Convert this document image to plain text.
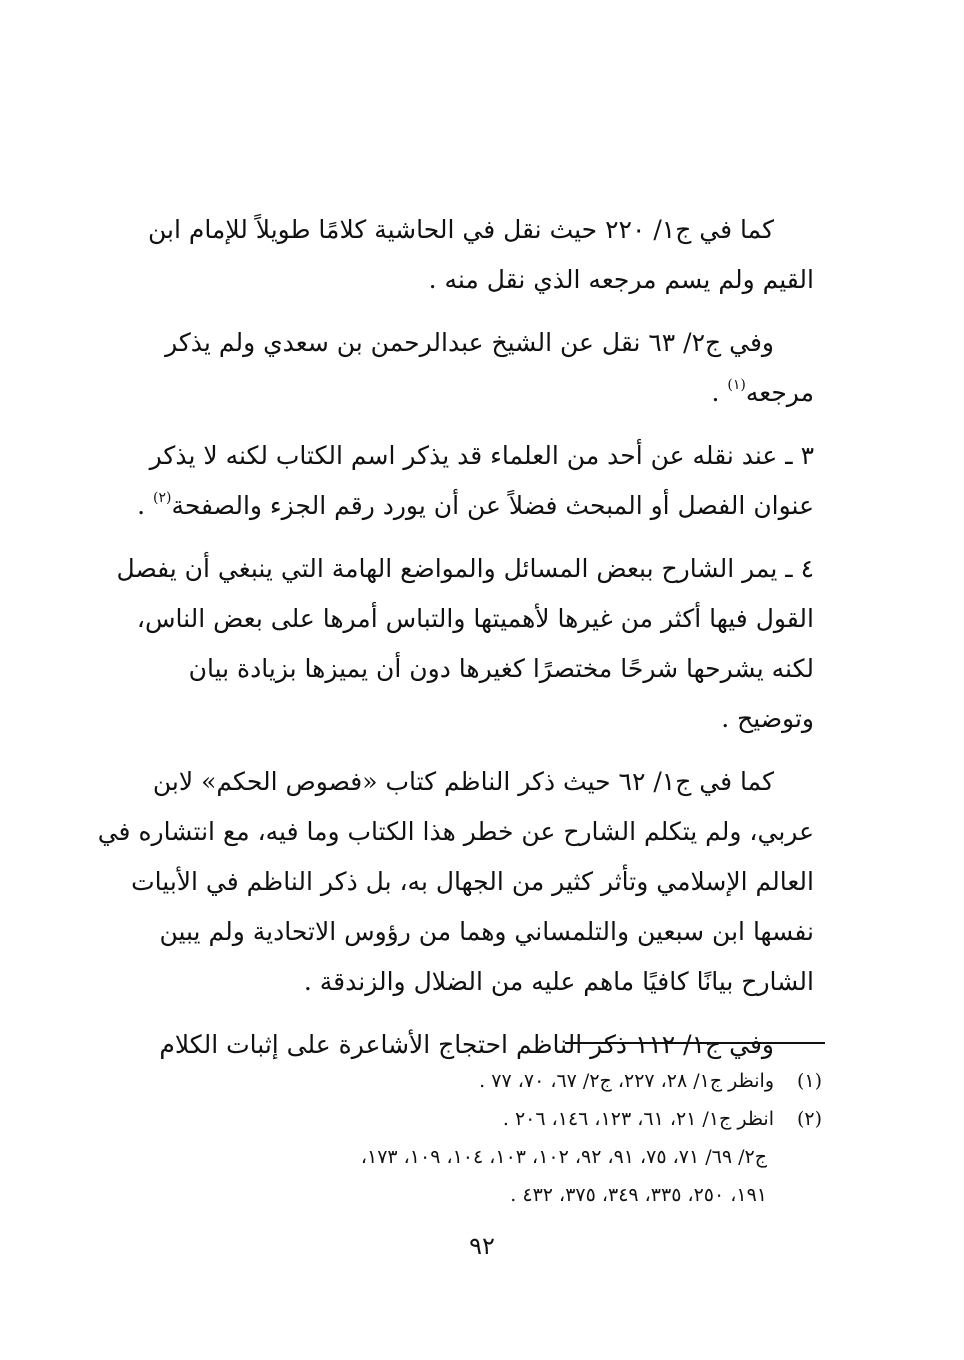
كما في ج١/ ٢٢٠ حيث نقل في الحاشية كلامًا طويلاً للإمام ابن
القيم ولم يسم مرجعه الذي نقل منه .

وفي ج٢/ ٦٣ نقل عن الشيخ عبدالرحمن بن سعدي ولم يذكر
مرجعه$^{(١)}$ .

٣ ـ عند نقله عن أحد من العلماء قد يذكر اسم الكتاب لكنه لا يذكر
عنوان الفصل أو المبحث فضلاً عن أن يورد رقم الجزء والصفحة$^{(٢)}$ .

٤ ـ يمر الشارح ببعض المسائل والمواضع الهامة التي ينبغي أن يفصل
القول فيها أكثر من غيرها لأهميتها والتباس أمرها على بعض الناس،
لكنه يشرحها شرحًا مختصرًا كغيرها دون أن يميزها بزيادة بيان
وتوضيح .

كما في ج١/ ٦٢ حيث ذكر الناظم كتاب «فصوص الحكم» لابن
عربي، ولم يتكلم الشارح عن خطر هذا الكتاب وما فيه، مع انتشاره في
العالم الإسلامي وتأثر كثير من الجهال به، بل ذكر الناظم في الأبيات
نفسها ابن سبعين والتلمساني وهما من رؤوس الاتحادية ولم يبين
الشارح بيانًا كافيًا ماهم عليه من الضلال والزندقة .

وفي ج١/ ١١٢ ذكر الناظم احتجاج الأشاعرة على إثبات الكلام

(١)وانظر ج١/ ٢٨، ٢٢٧، ج٢/ ٦٧، ٧٠، ٧٧ .
(٢)انظر ج١/ ٢١، ٦١، ١٢٣، ١٤٦، ٢٠٦ .
ج٢/ ٦٩/ ٧١، ٧٥، ٩١، ٩٢، ١٠٢، ١٠٣، ١٠٤، ١٠٩، ١٧٣،
١٩١، ٢٥٠، ٣٣٥، ٣٤٩، ٣٧٥، ٤٣٢ .
٩٢
